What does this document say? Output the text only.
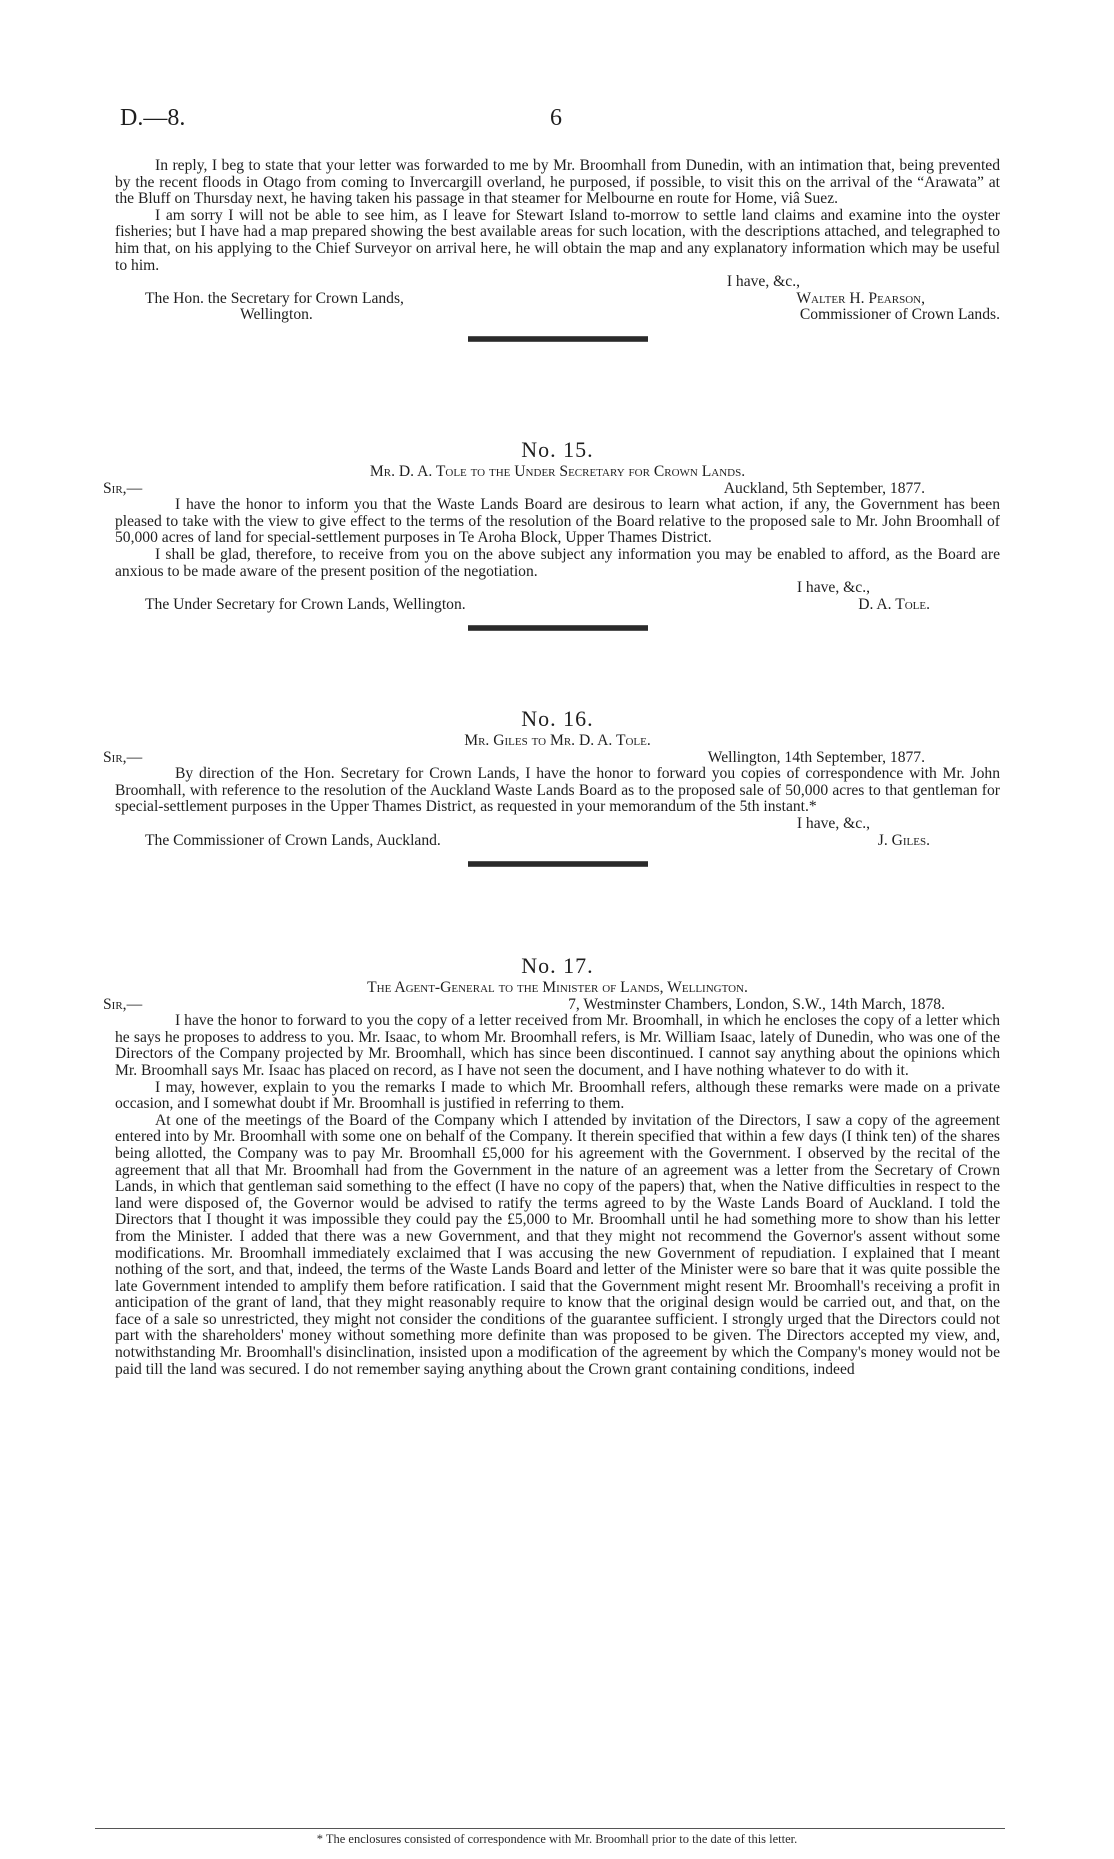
D.—8.	6

In reply, I beg to state that your letter was forwarded to me by Mr. Broomhall from Dunedin, with an intimation that, being prevented by the recent floods in Otago from coming to Invercargill overland, he purposed, if possible, to visit this on the arrival of the “Arawata” at the Bluff on Thursday next, he having taken his passage in that steamer for Melbourne en route for Home, viâ Suez.

I am sorry I will not be able to see him, as I leave for Stewart Island to-morrow to settle land claims and examine into the oyster fisheries; but I have had a map prepared showing the best available areas for such location, with the descriptions attached, and telegraphed to him that, on his applying to the Chief Surveyor on arrival here, he will obtain the map and any explanatory information which may be useful to him.

I have, &c.,

The Hon. the Secretary for Crown Lands,	Walter H. Pearson,

Wellington.	Commissioner of Crown Lands.

No. 15.
Mr. D. A. Tole to the Under Secretary for Crown Lands.

Sir,—	Auckland, 5th September, 1877.

I have the honor to inform you that the Waste Lands Board are desirous to learn what action, if any, the Government has been pleased to take with the view to give effect to the terms of the resolution of the Board relative to the proposed sale to Mr. John Broomhall of 50,000 acres of land for special-settlement purposes in Te Aroha Block, Upper Thames District.

I shall be glad, therefore, to receive from you on the above subject any information you may be enabled to afford, as the Board are anxious to be made aware of the present position of the negotiation.

I have, &c.,

The Under Secretary for Crown Lands, Wellington.	D. A. Tole.

No. 16.
Mr. Giles to Mr. D. A. Tole.

Sir,—	Wellington, 14th September, 1877.

By direction of the Hon. Secretary for Crown Lands, I have the honor to forward you copies of correspondence with Mr. John Broomhall, with reference to the resolution of the Auckland Waste Lands Board as to the proposed sale of 50,000 acres to that gentleman for special-settlement purposes in the Upper Thames District, as requested in your memorandum of the 5th instant.*

I have, &c.,

The Commissioner of Crown Lands, Auckland.	J. Giles.

No. 17.
The Agent-General to the Minister of Lands, Wellington.

Sir,—	7, Westminster Chambers, London, S.W., 14th March, 1878.

I have the honor to forward to you the copy of a letter received from Mr. Broomhall, in which he encloses the copy of a letter which he says he proposes to address to you. Mr. Isaac, to whom Mr. Broomhall refers, is Mr. William Isaac, lately of Dunedin, who was one of the Directors of the Company projected by Mr. Broomhall, which has since been discontinued. I cannot say anything about the opinions which Mr. Broomhall says Mr. Isaac has placed on record, as I have not seen the document, and I have nothing whatever to do with it.

I may, however, explain to you the remarks I made to which Mr. Broomhall refers, although these remarks were made on a private occasion, and I somewhat doubt if Mr. Broomhall is justified in referring to them.

At one of the meetings of the Board of the Company which I attended by invitation of the Directors, I saw a copy of the agreement entered into by Mr. Broomhall with some one on behalf of the Company. It therein specified that within a few days (I think ten) of the shares being allotted, the Company was to pay Mr. Broomhall £5,000 for his agreement with the Government. I observed by the recital of the agreement that all that Mr. Broomhall had from the Government in the nature of an agreement was a letter from the Secretary of Crown Lands, in which that gentleman said something to the effect (I have no copy of the papers) that, when the Native difficulties in respect to the land were disposed of, the Governor would be advised to ratify the terms agreed to by the Waste Lands Board of Auckland. I told the Directors that I thought it was impossible they could pay the £5,000 to Mr. Broomhall until he had something more to show than his letter from the Minister. I added that there was a new Government, and that they might not recommend the Governor's assent without some modifications. Mr. Broomhall immediately exclaimed that I was accusing the new Government of repudiation. I explained that I meant nothing of the sort, and that, indeed, the terms of the Waste Lands Board and letter of the Minister were so bare that it was quite possible the late Government intended to amplify them before ratification. I said that the Government might resent Mr. Broomhall's receiving a profit in anticipation of the grant of land, that they might reasonably require to know that the original design would be carried out, and that, on the face of a sale so unrestricted, they might not consider the conditions of the guarantee sufficient. I strongly urged that the Directors could not part with the shareholders' money without something more definite than was proposed to be given. The Directors accepted my view, and, notwithstanding Mr. Broomhall's disinclination, insisted upon a modification of the agreement by which the Company's money would not be paid till the land was secured. I do not remember saying anything about the Crown grant containing conditions, indeed

* The enclosures consisted of correspondence with Mr. Broomhall prior to the date of this letter.
